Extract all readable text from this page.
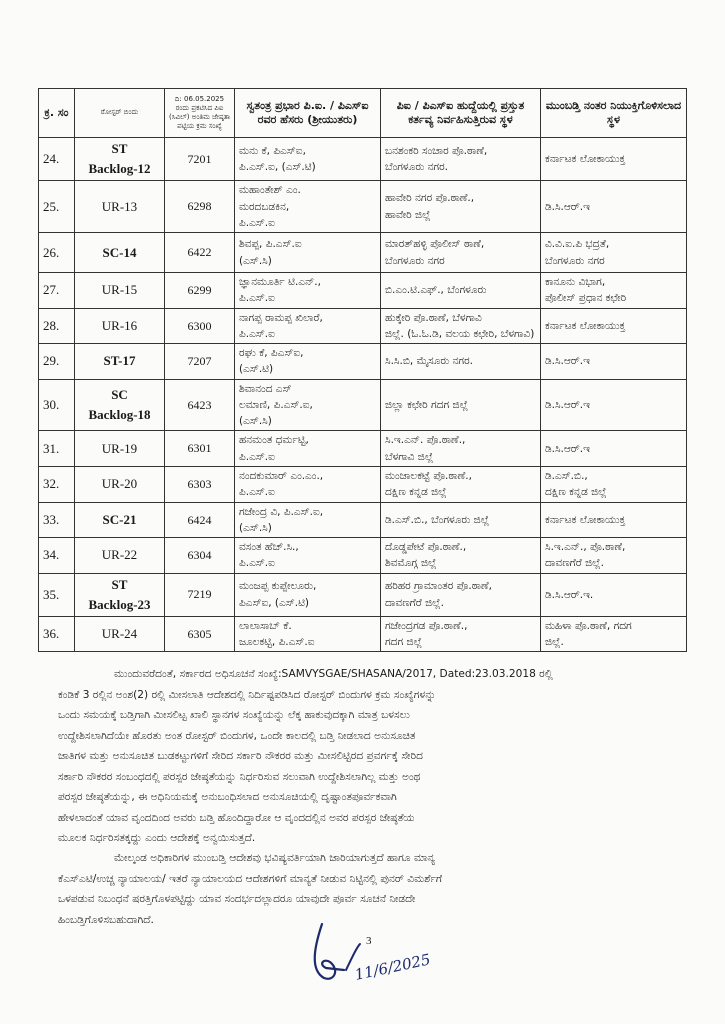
ಕ್ರ. ಸಂ	ರೋಸ್ಟರ್ ಬಿಂದು	ದಿ: 06.05.2025 ರಂದು ಪ್ರಕಟಿಸಿದ ಪಿಐ (ಸಿವಿಲ್) ಅಂತಿಮ ಜೇಷ್ಠತಾ ಪಟ್ಟಿಯ ಕ್ರಮ ಸಂಖ್ಯೆ	ಸ್ವತಂತ್ರ ಪ್ರಭಾರ ಪಿ.ಐ. / ಪಿಎಸ್‌ಐ ರವರ ಹೆಸರು (ಶ್ರೀಯುತರು)	ಪಿಐ / ಪಿಎಸ್‌ಐ ಹುದ್ದೆಯಲ್ಲಿ ಪ್ರಸ್ತುತ ಕರ್ತವ್ಯ ನಿರ್ವಹಿಸುತ್ತಿರುವ ಸ್ಥಳ	ಮುಂಬಡ್ತಿ ನಂತರ ನಿಯುಕ್ತಿಗೊಳಿಸಲಾದ ಸ್ಥಳ
24.	ST
Backlog-12	7201	ಮನು ಕೆ, ಪಿಎಸ್‌ಐ,
ಪಿ.ಎಸ್.ಐ, (ಎಸ್.ಟಿ)	ಬನಶಂಕರಿ ಸಂಚಾರ ಪೊ.ಠಾಣೆ,
ಬೆಂಗಳೂರು ನಗರ.	ಕರ್ನಾಟಕ ಲೋಕಾಯುಕ್ತ

25.	UR-13	6298	ಮಹಾಂತೇಶ್ ಎಂ.
ಮರದಬಡಕಿನ,
ಪಿ.ಎಸ್.ಐ	ಹಾವೇರಿ ನಗರ ಪೊ.ಠಾಣೆ.,
ಹಾವೇರಿ ಜಿಲ್ಲೆ	ಡಿ.ಸಿ.ಆರ್.ಇ

26.	SC-14	6422	ಶಿವಪ್ಪ, ಪಿ.ಎಸ್.ಐ
(ಎಸ್.ಸಿ)	ಮಾರತ್‌ಹಳ್ಳಿ ಪೊಲೀಸ್ ಠಾಣೆ,
ಬೆಂಗಳೂರು ನಗರ	ವಿ.ವಿ.ಐ.ಪಿ ಭದ್ರತೆ,
ಬೆಂಗಳೂರು ನಗರ

27.	UR-15	6299	ಜ್ಞಾನಮೂರ್ತಿ ಟಿ.ಎನ್.,
ಪಿ.ಎಸ್.ಐ	ಬಿ.ಎಂ.ಟಿ.ಎಫ್., ಬೆಂಗಳೂರು	ಕಾನೂನು ವಿಭಾಗ,
ಪೊಲೀಸ್ ಪ್ರಧಾನ ಕಛೇರಿ

28.	UR-16	6300	ನಾಗಪ್ಪ ರಾಮಪ್ಪ ಖಿಲಾರೆ,
ಪಿ.ಎಸ್.ಐ	ಹುಕ್ಕೇರಿ ಪೊ.ಠಾಣೆ, ಬೆಳಗಾವಿ
ಜಿಲ್ಲೆ. (ಓ.ಓ.ಡಿ, ವಲಯ ಕಛೇರಿ, ಬೆಳಗಾವಿ)	ಕರ್ನಾಟಕ ಲೋಕಾಯುಕ್ತ

29.	ST-17	7207	ರಘು ಕೆ, ಪಿಎಸ್‌ಐ,
(ಎಸ್.ಟಿ)	ಸಿ.ಸಿ.ಬಿ, ಮೈಸೂರು ನಗರ.	ಡಿ.ಸಿ.ಆರ್.ಇ

30.	SC
Backlog-18	6423	ಶಿವಾನಂದ ಎಸ್
ಲಮಾಣಿ, ಪಿ.ಎಸ್.ಐ,
(ಎಸ್.ಸಿ)	ಜಿಲ್ಲಾ ಕಛೇರಿ ಗದಗ ಜಿಲ್ಲೆ	ಡಿ.ಸಿ.ಆರ್.ಇ

31.	UR-19	6301	ಹನಮಂತ ಧರ್ಮಟ್ಟಿ,
ಪಿ.ಎಸ್.ಐ	ಸಿ.ಇ.ಎನ್. ಪೊ.ಠಾಣೆ.,
ಬೆಳಗಾವಿ ಜಿಲ್ಲೆ	ಡಿ.ಸಿ.ಆರ್.ಇ

32.	UR-20	6303	ನಂದಕುಮಾರ್ ಎಂ.ಎಂ.,
ಪಿ.ಎಸ್.ಐ	ಮಂಜಾಲಕಟ್ಟೆ ಪೊ.ಠಾಣೆ.,
ದಕ್ಷಿಣ ಕನ್ನಡ ಜಿಲ್ಲೆ	ಡಿ.ಎಸ್.ಬಿ.,
ದಕ್ಷಿಣ ಕನ್ನಡ ಜಿಲ್ಲೆ

33.	SC-21	6424	ಗಜೇಂದ್ರ ವಿ, ಪಿ.ಎಸ್.ಐ,
(ಎಸ್.ಸಿ)	ಡಿ.ಎಸ್.ಬಿ., ಬೆಂಗಳೂರು ಜಿಲ್ಲೆ	ಕರ್ನಾಟಕ ಲೋಕಾಯುಕ್ತ

34.	UR-22	6304	ವಸಂತ ಹೆಚ್.ಸಿ.,
ಪಿ.ಎಸ್.ಐ	ದೊಡ್ಡಪೇಟೆ ಪೊ.ಠಾಣೆ.,
ಶಿವಮೊಗ್ಗ ಜಿಲ್ಲೆ	ಸಿ.ಇ.ಎನ್., ಪೊ.ಠಾಣೆ,
ದಾವಣಗೆರೆ ಜಿಲ್ಲೆ.

35.	ST
Backlog-23	7219	ಮಂಜಪ್ಪ ಕುಪ್ಪೇಲೂರು,
ಪಿಎಸ್‌ಐ, (ಎಸ್.ಟಿ)	ಹರಿಹರ ಗ್ರಾಮಾಂತರ ಪೊ.ಠಾಣೆ,
ದಾವಣಗೆರೆ ಜಿಲ್ಲೆ.	ಡಿ.ಸಿ.ಆರ್.ಇ.

36.	UR-24	6305	ಲಾಲಾಸಾಬ್ ಕೆ.
ಜೂಲಕಟ್ಟಿ, ಪಿ.ಎಸ್.ಐ	ಗಜೇಂದ್ರಗಡ ಪೊ.ಠಾಣೆ.,
ಗದಗ ಜಿಲ್ಲೆ	ಮಹಿಳಾ ಪೊ.ಠಾಣೆ, ಗದಗ
ಜಿಲ್ಲೆ.
ಮುಂದುವರೆದಂತೆ, ಸರ್ಕಾರದ ಅಧಿಸೂಚನೆ ಸಂಖ್ಯೆ:SAMVYSGAE/SHASANA/2017, Dated:23.03.2018 ರಲ್ಲಿ
ಕಂಡಿಕೆ 3 ರಲ್ಲಿನ ಅಂಶ(2) ರಲ್ಲಿ ಮೀಸಲಾತಿ ಆದೇಶದಲ್ಲಿ ನಿರ್ದಿಷ್ಟಪಡಿಸಿದ ರೋಸ್ಟರ್ ಬಿಂದುಗಳ ಕ್ರಮ ಸಂಖ್ಯೆಗಳನ್ನು
ಒಂದು ಸಮಯಕ್ಕೆ ಬಡ್ತಿಗಾಗಿ ಮೀಸಲಿಟ್ಟ ಖಾಲಿ ಸ್ಥಾನಗಳ ಸಂಖ್ಯೆಯನ್ನು ಲೆಕ್ಕ ಹಾಕುವುದಕ್ಕಾಗಿ ಮಾತ್ರ ಬಳಸಲು
ಉದ್ದೇಶಿಸಲಾಗಿದೆಯೇ ಹೊರತು ಅಂತ ರೋಸ್ಟರ್ ಬಿಂದುಗಳ, ಒಂದೇ ಕಾಲದಲ್ಲಿ ಬಡ್ತಿ ನೀಡಲಾದ ಅನುಸೂಚಿತ
ಜಾತಿಗಳ ಮತ್ತು ಅನುಸೂಚಿತ ಬುಡಕಟ್ಟುಗಳಿಗೆ ಸೇರಿದ ಸರ್ಕಾರಿ ನೌಕರರ ಮತ್ತು ಮೀಸಲಿಟ್ಟಿರದ ಪ್ರವರ್ಗಕ್ಕೆ ಸೇರಿದ
ಸರ್ಕಾರಿ ನೌಕರರ ಸಂಬಂಧದಲ್ಲಿ ಪರಸ್ಪರ ಜೇಷ್ಠತೆಯನ್ನು ನಿರ್ಧರಿಸುವ ಸಲುವಾಗಿ ಉದ್ದೇಶಿಸಲಾಗಿಲ್ಲ ಮತ್ತು ಅಂಥ
ಪರಸ್ಪರ ಜೇಷ್ಠತೆಯನ್ನು, ಈ ಅಧಿನಿಯಮಕ್ಕೆ ಅನುಬಂಧಿಸಲಾದ ಅನುಸೂಚಿಯಲ್ಲಿ ದೃಷ್ಟಾಂತಪೂರ್ವಕವಾಗಿ
ಹೇಳಲಾದಂತೆ ಯಾವ ವೃಂದದಿಂದ ಅವರು ಬಡ್ತಿ ಹೊಂದಿದ್ದಾರೋ ಆ ವೃಂದದಲ್ಲಿನ ಅವರ ಪರಸ್ಪರ ಜೇಷ್ಠತೆಯ
ಮೂಲಕ ನಿರ್ಧರಿಸತಕ್ಕದ್ದು ಎಂದು ಆದೇಶಕ್ಕೆ ಅನ್ವಯಿಸುತ್ತದೆ.
ಮೇಲ್ಕಂಡ ಅಧಿಕಾರಿಗಳ ಮುಂಬಡ್ತಿ ಆದೇಶವು ಭವಿಷ್ಯವರ್ತಿಯಾಗಿ ಜಾರಿಯಾಗುತ್ತದೆ ಹಾಗೂ ಮಾನ್ಯ
ಕೆಎಸ್‌ಎಟಿ/ಉಚ್ಚ ನ್ಯಾಯಾಲಯ/ ಇತರೆ ನ್ಯಾಯಾಲಯದ ಆದೇಶಗಳಿಗೆ ಮಾನ್ಯತೆ ನೀಡುವ ನಿಟ್ಟಿನಲ್ಲಿ ಪುನರ್ ವಿಮರ್ಶೆಗೆ
ಒಳಪಡುವ ನಿಬಂಧನೆ ಷರತ್ತಿಗೊಳಪಟ್ಟಿದ್ದು ಯಾವ ಸಂದರ್ಭದಲ್ಲಾದರೂ ಯಾವುದೇ ಪೂರ್ವ ಸೂಚನೆ ನೀಡದೇ
ಹಿಂಬಡ್ತಿಗೊಳಿಸಬಹುದಾಗಿದೆ.
11/6/2025
3
